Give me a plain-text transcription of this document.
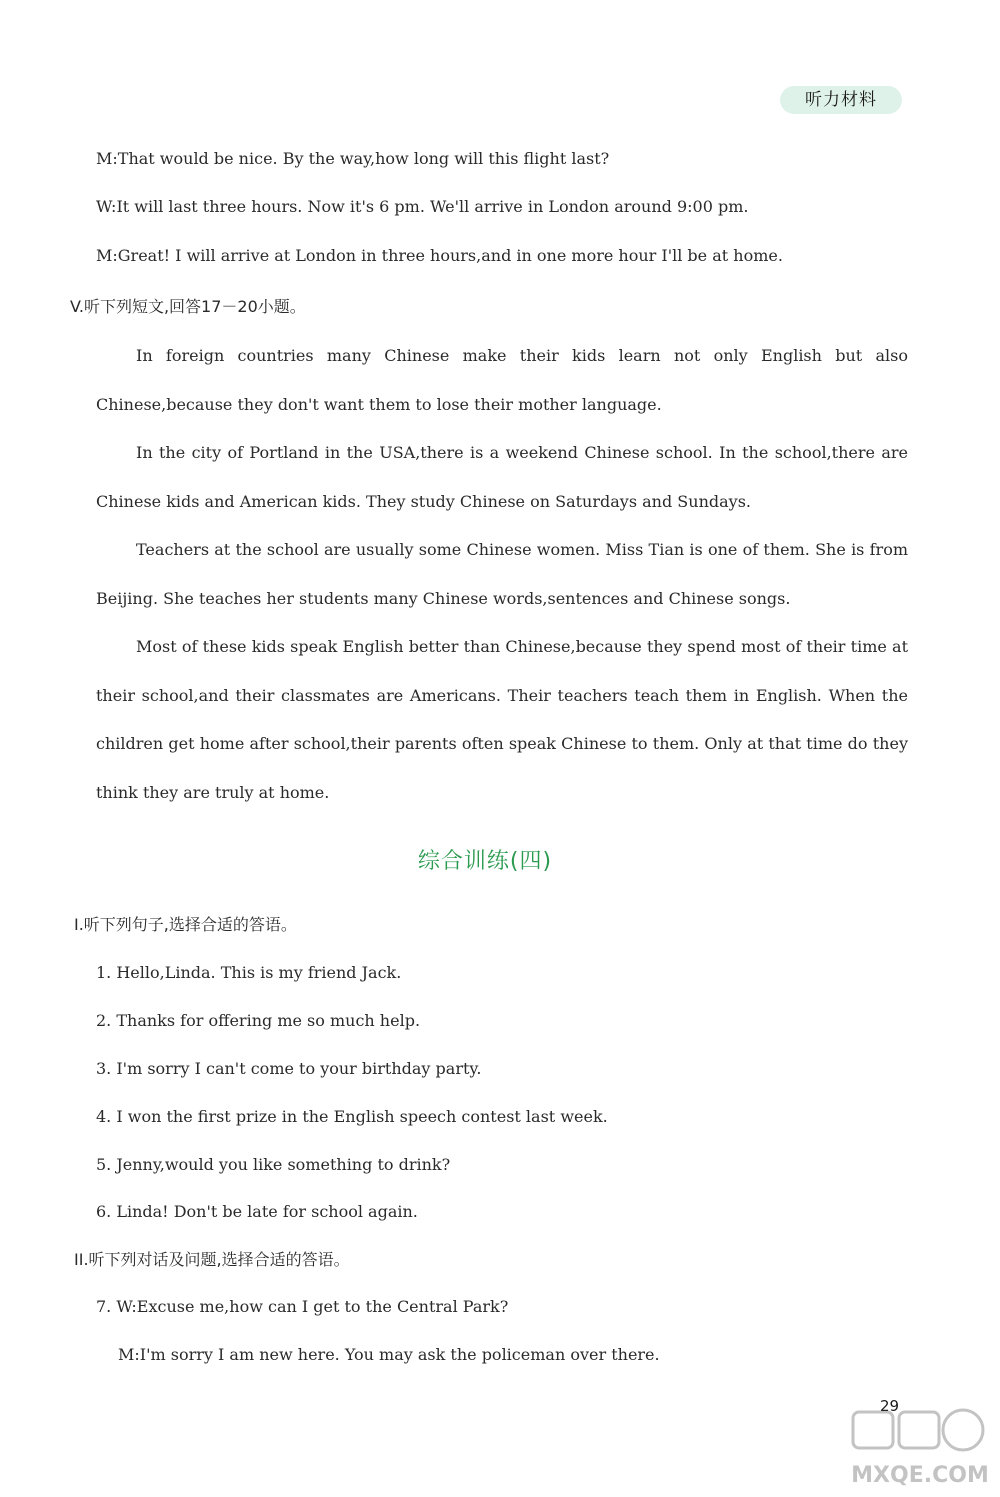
听力材料
M:That would be nice. By the way,how long will this flight last?
W:It will last three hours. Now it's 6 pm. We'll arrive in London around 9:00 pm.
M:Great! I will arrive at London in three hours,and in one more hour I'll be at home.
V.听下列短文,回答17－20小题。
In foreign countries many Chinese make their kids learn not only English but also Chinese,because they don't want them to lose their mother language.
In the city of Portland in the USA,there is a weekend Chinese school. In the school,there are Chinese kids and American kids. They study Chinese on Saturdays and Sundays.
Teachers at the school are usually some Chinese women. Miss Tian is one of them. She is from Beijing. She teaches her students many Chinese words,sentences and Chinese songs.
Most of these kids speak English better than Chinese,because they spend most of their time at their school,and their classmates are Americans. Their teachers teach them in English. When the children get home after school,their parents often speak Chinese to them. Only at that time do they think they are truly at home.
综合训练(四)
I.听下列句子,选择合适的答语。
1. Hello,Linda. This is my friend Jack.
2. Thanks for offering me so much help.
3. I'm sorry I can't come to your birthday party.
4. I won the first prize in the English speech contest last week.
5. Jenny,would you like something to drink?
6. Linda! Don't be late for school again.
II.听下列对话及问题,选择合适的答语。
7. W:Excuse me,how can I get to the Central Park?
M:I'm sorry I am new here. You may ask the policeman over there.
29
MXQE.COM
